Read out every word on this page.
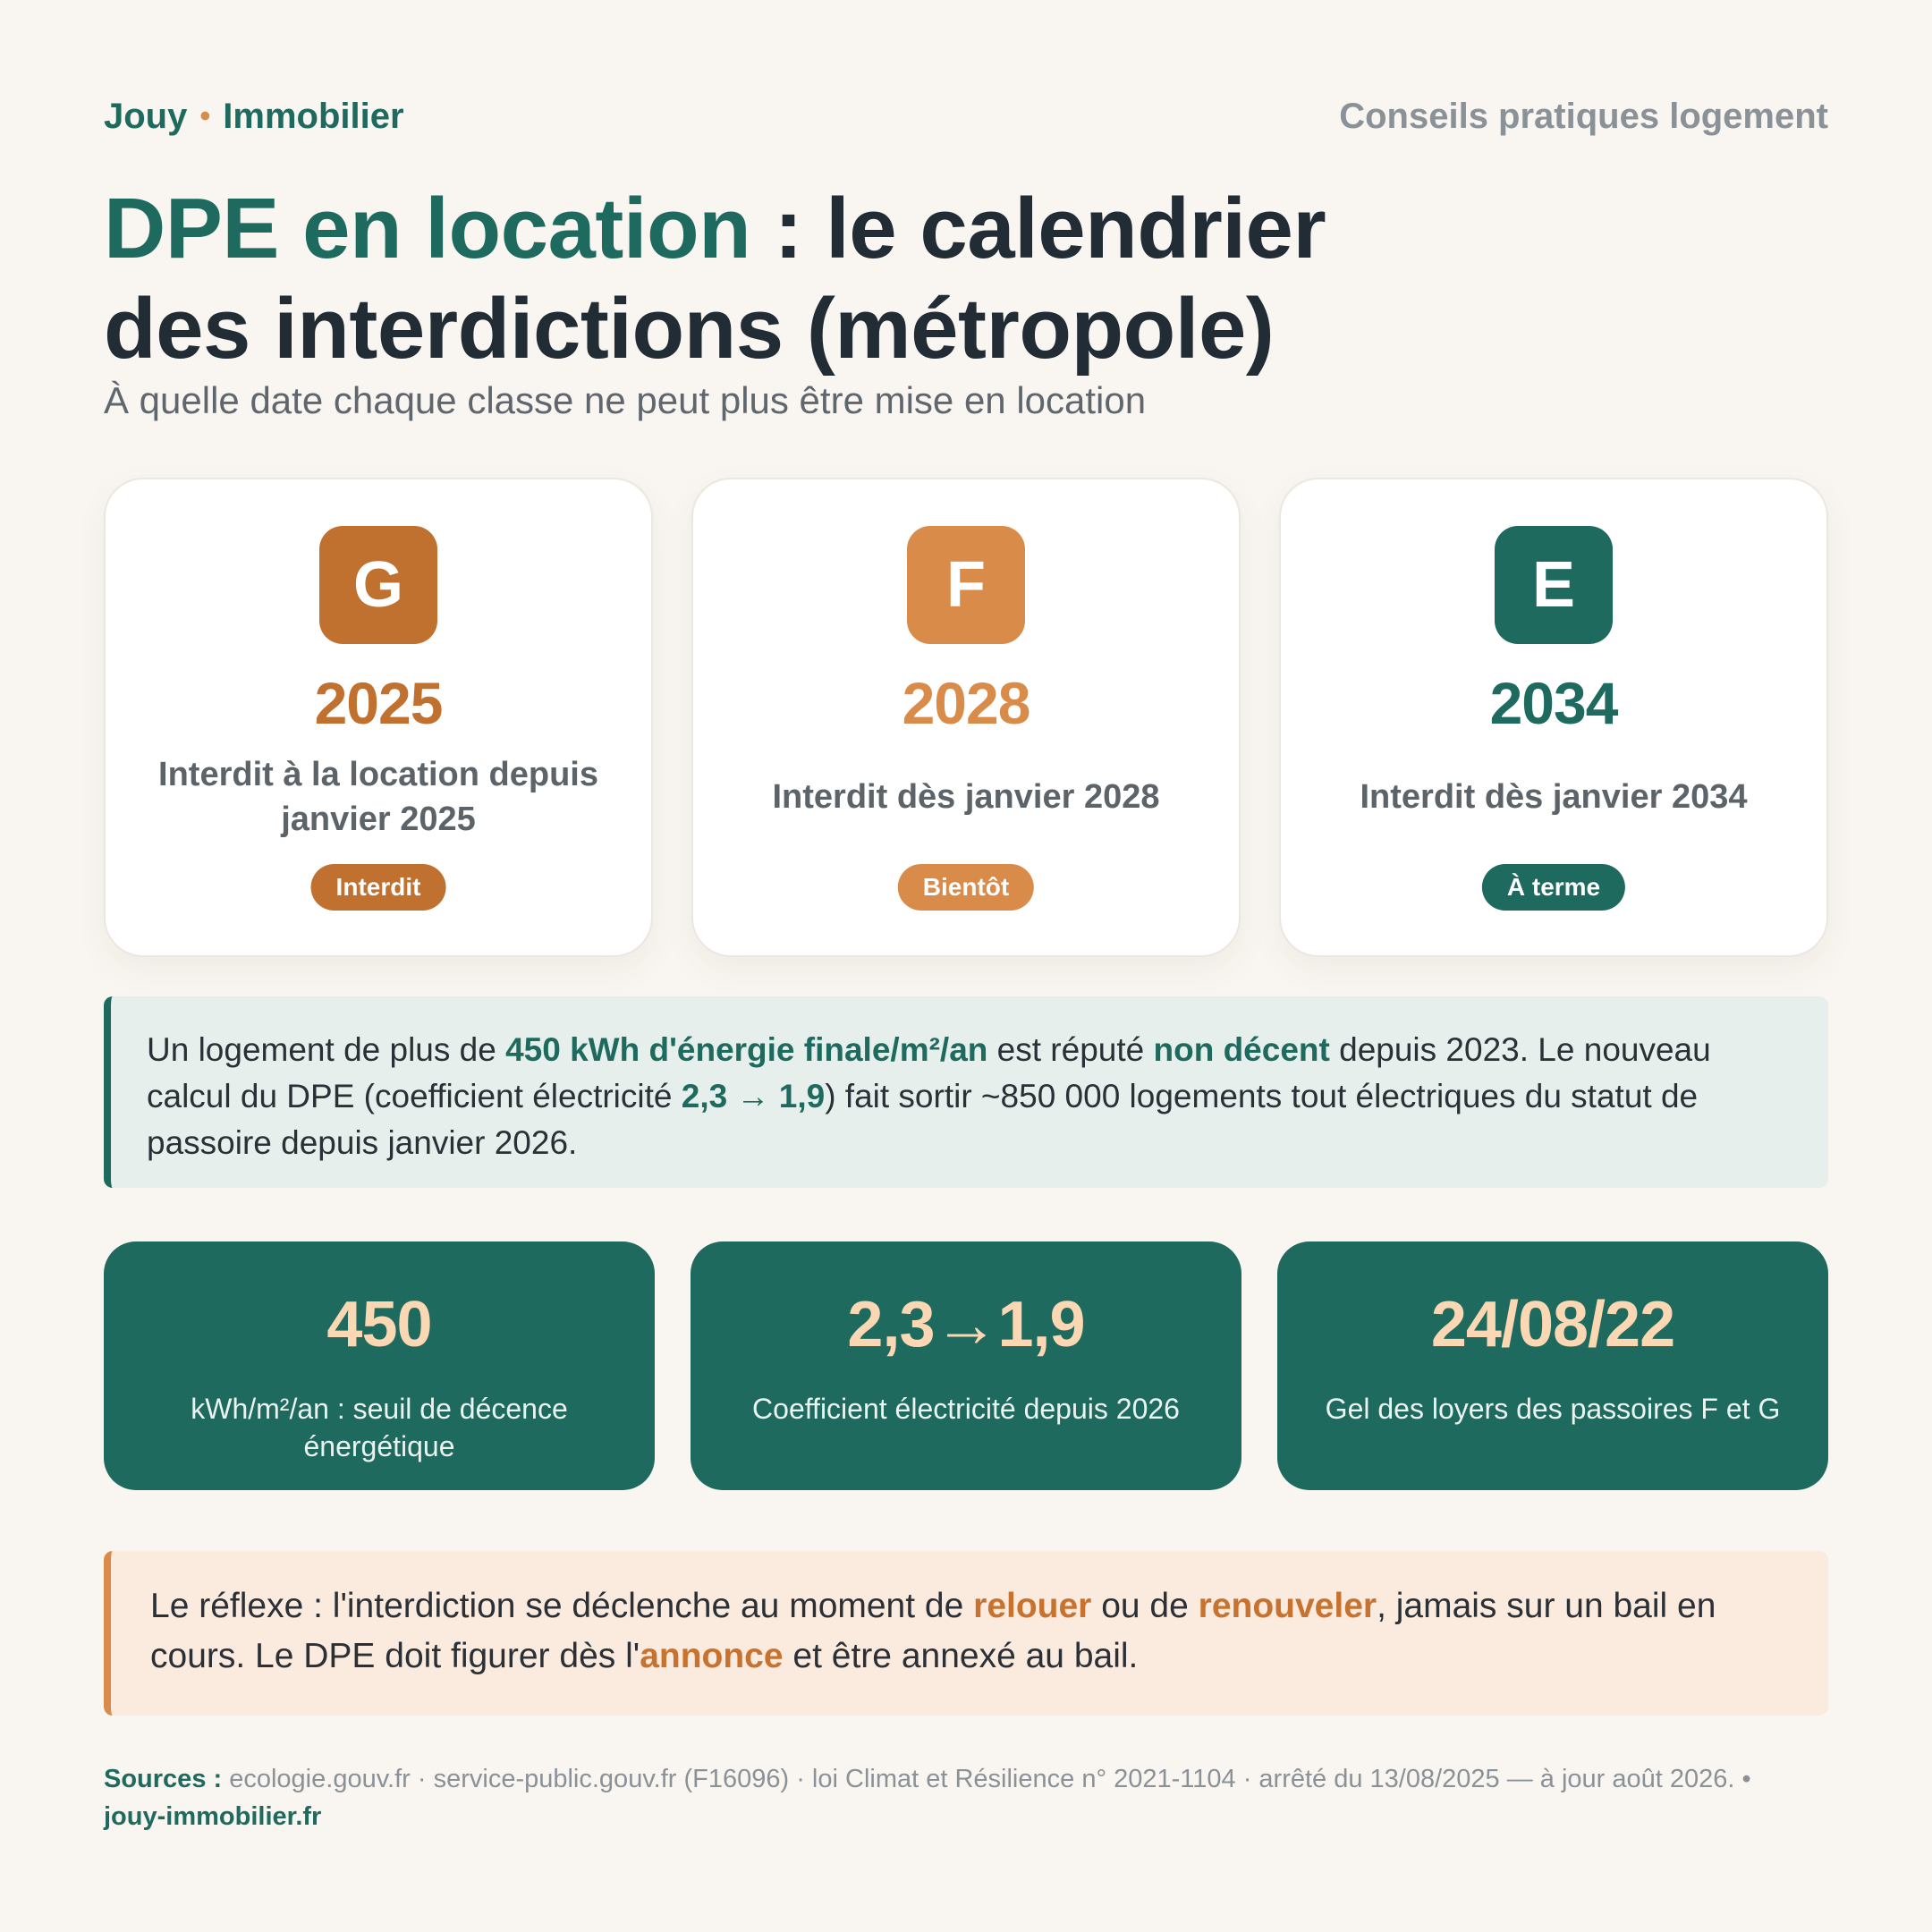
Jouy • Immobilier	Conseils pratiques logement
DPE en location : le calendrier
des interdictions (métropole)
À quelle date chaque classe ne peut plus être mise en location
G
2025
Interdit à la location depuis janvier 2025
Interdit
F
2028
Interdit dès janvier 2028
Bientôt
E
2034
Interdit dès janvier 2034
À terme
Un logement de plus de 450 kWh d'énergie finale/m²/an est réputé non décent depuis 2023. Le nouveau calcul du DPE (coefficient électricité 2,3 → 1,9) fait sortir ~850 000 logements tout électriques du statut de passoire depuis janvier 2026.
450
kWh/m²/an : seuil de décence énergétique
2,3→1,9
Coefficient électricité depuis 2026
24/08/22
Gel des loyers des passoires F et G
Le réflexe : l'interdiction se déclenche au moment de relouer ou de renouveler, jamais sur un bail en cours. Le DPE doit figurer dès l'annonce et être annexé au bail.
Sources : ecologie.gouv.fr · service-public.gouv.fr (F16096) · loi Climat et Résilience n° 2021-1104 · arrêté du 13/08/2025 — à jour août 2026. •
jouy-immobilier.fr
